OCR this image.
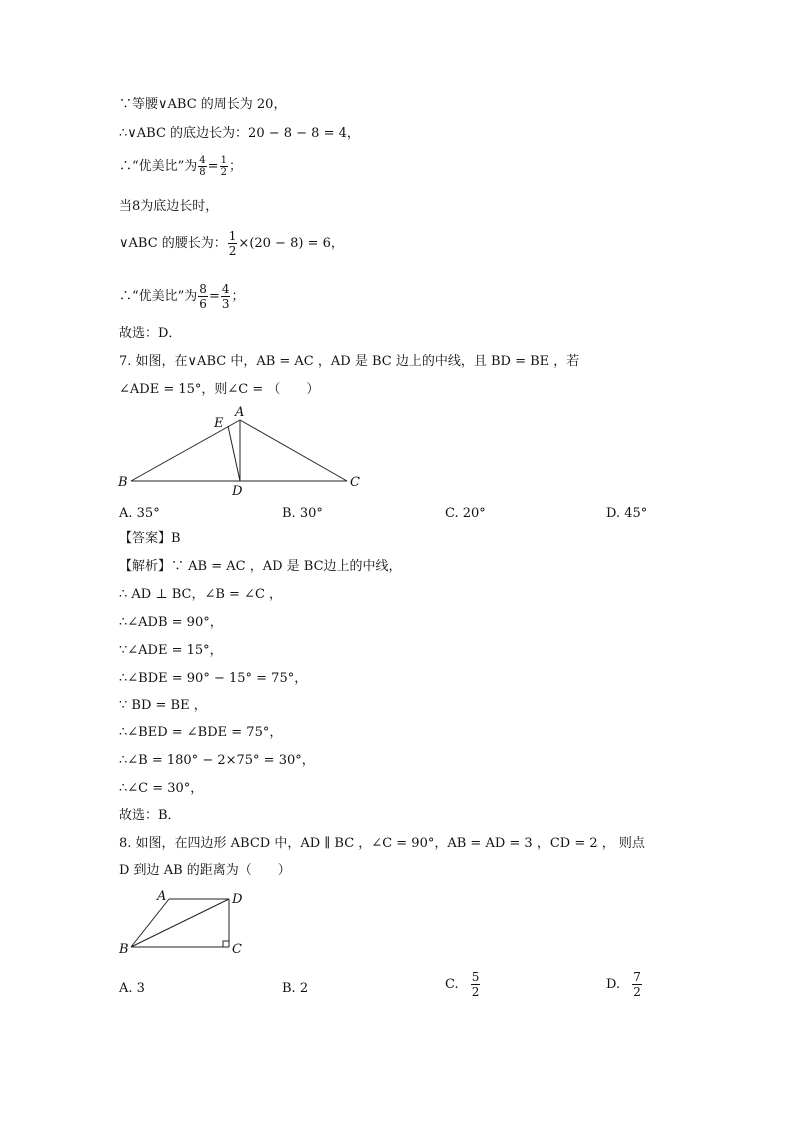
∵等腰∨ABC 的周长为 20，
∴∨ABC 的底边长为：20 − 8 − 8 = 4，
∴“优美比”为 $\frac{4}{8} = \frac{1}{2}$ ；
当8为底边长时，
∨ABC 的腰长为： $\frac{1}{2} \times(20 - 8) = 6$，
∴“优美比”为 $\frac{8}{6} = \frac{4}{3}$ ；
故选：D．
7. 如图，在∨ABC 中，AB = AC ，AD 是 BC 边上的中线，且 BD = BE ，若
∠ADE = 15°，则∠C = （　　）
A
E
B
D
C
A. 35°	B. 30°	C. 20°	D. 45°
【答案】B
【解析】∵ AB = AC ，AD 是 BC边上的中线，
∴ AD ⊥ BC，∠B = ∠C ，
∴∠ADB = 90°，
∵∠ADE = 15°，
∴∠BDE = 90° − 15° = 75°，
∵ BD = BE ，
∴∠BED = ∠BDE = 75°，
∴∠B = 180° − 2×75° = 30°，
∴∠C = 30°，
故选：B．
8. 如图，在四边形 ABCD 中，AD ∥ BC ，∠C = 90°，AB = AD = 3 ，CD = 2 ， 则点
D 到边 AB 的距离为（　　）
A	D
B	C
A. 3	B. 2	C. $\frac{5}{2}$	D. $\frac{7}{2}$
